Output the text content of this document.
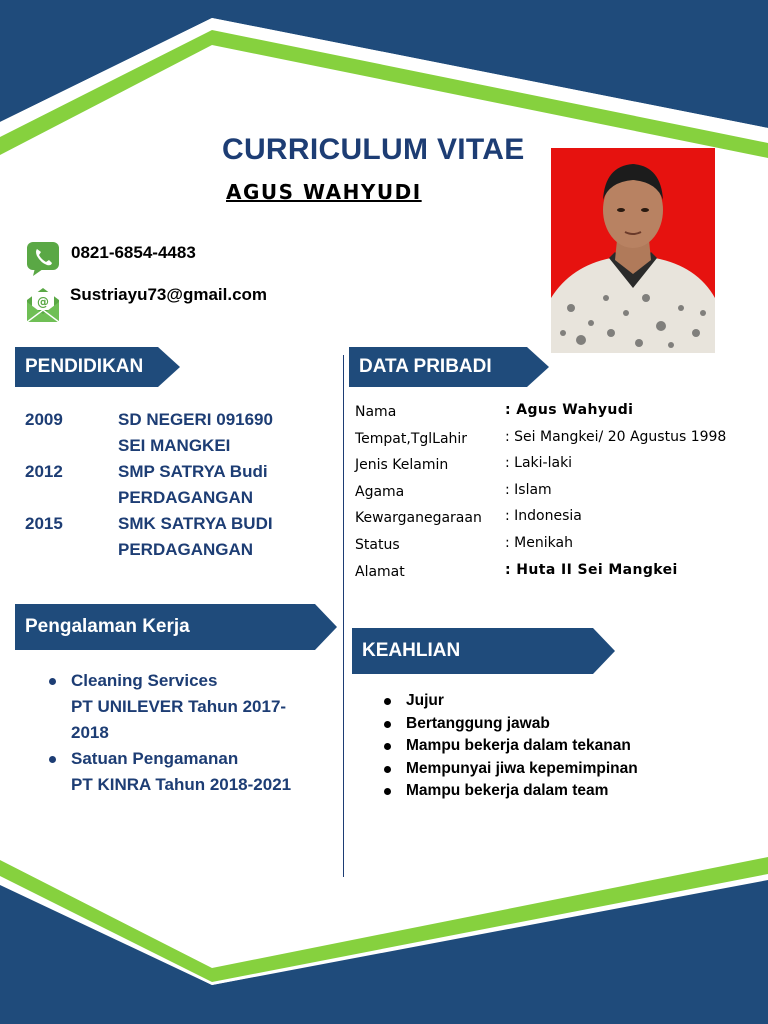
CURRICULUM VITAE
AGUS WAHYUDI
0821-6854-4483
@ Sustriayu73@gmail.com
PENDIDIKAN
2009	SD NEGERI 091690
SEI MANGKEI
2012	SMP SATRYA Budi
PERDAGANGAN
2015	SMK SATRYA BUDI
PERDAGANGAN
DATA PRIBADI
Nama	: Agus Wahyudi
Tempat,TglLahir	: Sei Mangkei/ 20 Agustus 1998
Jenis Kelamin	: Laki-laki
Agama	: Islam
Kewarganegaraan : Indonesia
Status	: Menikah
Alamat	: Huta II Sei Mangkei
Pengalaman Kerja
Cleaning Services
PT UNILEVER Tahun 2017-
2018
Satuan Pengamanan
PT KINRA Tahun 2018-2021
KEAHLIAN
Jujur
Bertanggung jawab
Mampu bekerja dalam tekanan
Mempunyai jiwa kepemimpinan
Mampu bekerja dalam team
